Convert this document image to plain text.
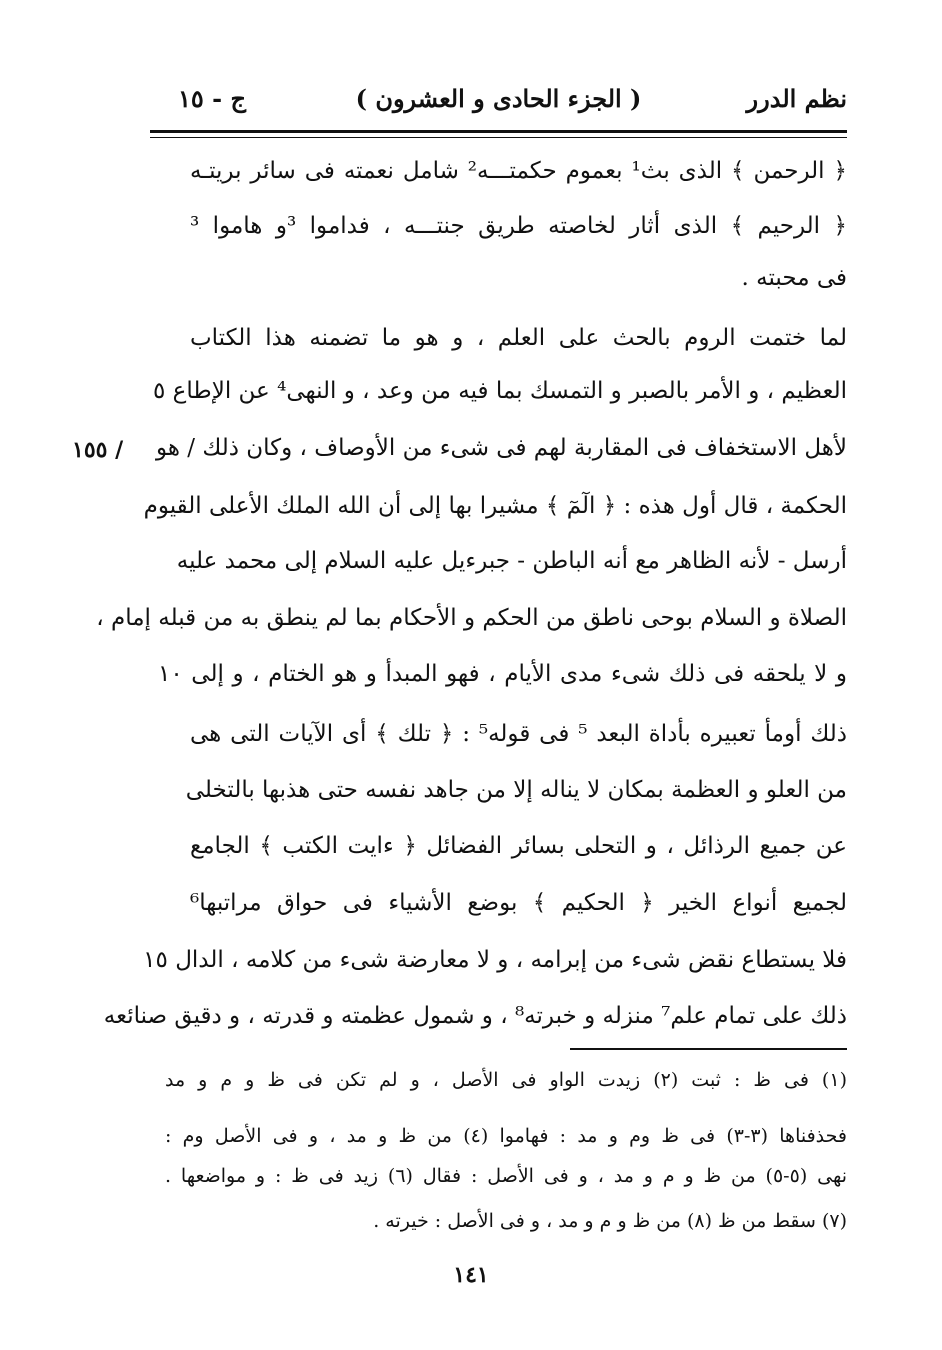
نظم الدرر
( الجزء الحادى و العشرون )
ج - ١٥
﴿ الرحمن ﴾ الذى بث¹ بعموم حكمتـــه² شامل نعمته فى سائر بريتـه
﴿ الرحيم ﴾ الذى أثار لخاصته طريق جنتـــه ، فداموا ³و هاموا ³
فى محبته .
لما ختمت الروم بالحث على العلم ، و هو ما تضمنه هذا الكتاب
العظيم ، و الأمر بالصبر و التمسك بما فيه من وعد ، و النهى⁴ عن الإطاع ٥
لأهل الاستخفاف فى المقاربة لهم فى شىء من الأوصاف ، وكان ذلك / هو
الحكمة ، قال أول هذه : ﴿ الٓمٓ ﴾ مشيرا بها إلى أن الله الملك الأعلى القيوم
أرسل - لأنه الظاهر مع أنه الباطن - جبرءيل عليه السلام إلى محمد عليه
الصلاة و السلام بوحى ناطق من الحكم و الأحكام بما لم ينطق به من قبله إمام ،
و لا يلحقه فى ذلك شىء مدى الأيام ، فهو المبدأ و هو الختام ، و إلى ١٠
ذلك أومأ تعبيره بأداة البعد ⁵ فى قوله⁵ : ﴿ تلك ﴾ أى الآيات التى هى
من العلو و العظمة بمكان لا يناله إلا من جاهد نفسه حتى هذبها بالتخلى
عن جميع الرذائل ، و التحلى بسائر الفضائل ﴿ ءايت الكتب ﴾ الجامع
لجميع أنواع الخير ﴿ الحكيم ﴾ بوضع الأشياء فى حواق مراتبها⁶
فلا يستطاع نقض شىء من إبرامه ، و لا معارضة شىء من كلامه ، الدال ١٥
ذلك على تمام علم⁷ منزله و خبرته⁸ ، و شمول عظمته و قدرته ، و دقيق صنائعه
/ ١٥٥
(١) فى ظ : ثبت (٢) زيدت الواو فى الأصل ، و لم تكن فى ظ و م و مد
فحذفناها (٣-٣) فى ظ وم و مد : فهاموا (٤) من ظ و مد ، و فى الأصل وم :
نهى (٥-٥) من ظ و م و مد ، و فى الأصل : فقال (٦) زيد فى ظ : و مواضعها .
(٧) سقط من ظ (٨) من ظ و م و مد ، و فى الأصل : خيرته .
١٤١
